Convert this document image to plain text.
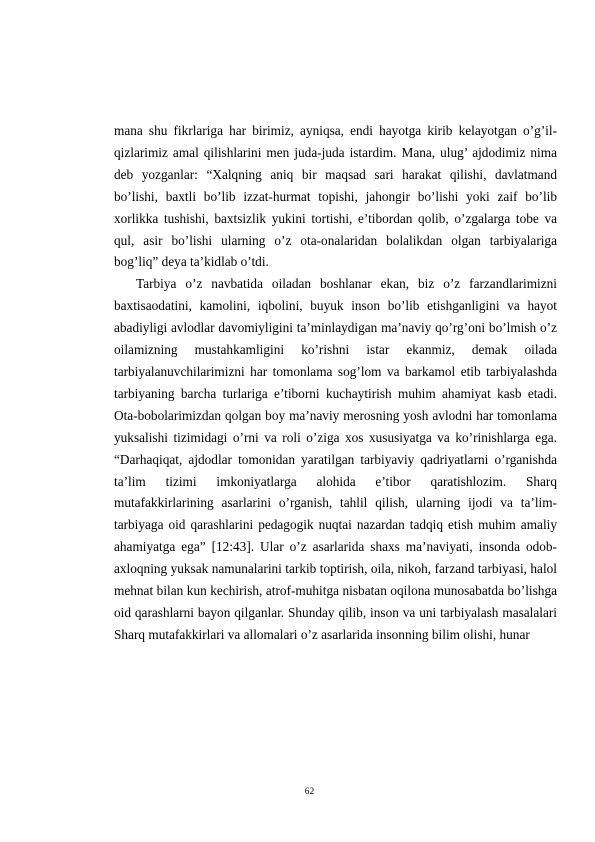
mana shu fikrlariga har birimiz, ayniqsa, endi hayotga kirib kelayotgan o’g’il-qizlarimiz amal qilishlarini men juda-juda istardim. Mana, ulug’ ajdodimiz nima deb yozganlar: “Xalqning aniq bir maqsad sari harakat qilishi, davlatmand bo’lishi, baxtli bo’lib izzat-hurmat topishi, jahongir bo’lishi yoki zaif bo’lib xorlikka tushishi, baxtsizlik yukini tortishi, e’tibordan qolib, o’zgalarga tobe va qul, asir bo’lishi ularning o’z ota-onalaridan bolalikdan olgan tarbiyalariga bog’liq” deya ta’kidlab o’tdi.

Tarbiya o’z navbatida oiladan boshlanar ekan, biz o’z farzandlarimizni baxtisaodatini, kamolini, iqbolini, buyuk inson bo’lib etishganligini va hayot abadiyligi avlodlar davomiyligini ta’minlaydigan ma’naviy qo’rg’oni bo’lmish o’z oilamizning mustahkamligini ko’rishni istar ekanmiz, demak oilada tarbiyalanuvchilarimizni har tomonlama sog’lom va barkamol etib tarbiyalashda tarbiyaning barcha turlariga e’tiborni kuchaytirish muhim ahamiyat kasb etadi. Ota-bobolarimizdan qolgan boy ma’naviy merosning yosh avlodni har tomonlama yuksalishi tizimidagi o’rni va roli o’ziga xos xususiyatga va ko’rinishlarga ega. “Darhaqiqat, ajdodlar tomonidan yaratilgan tarbiyaviy qadriyatlarni o’rganishda ta’lim tizimi imkoniyatlarga alohida e’tibor qaratishlozim. Sharq mutafakkirlarining asarlarini o’rganish, tahlil qilish, ularning ijodi va ta’lim-tarbiyaga oid qarashlarini pedagogik nuqtai nazardan tadqiq etish muhim amaliy ahamiyatga ega” [12:43]. Ular o’z asarlarida shaxs ma’naviyati, insonda odob-axloqning yuksak namunalarini tarkib toptirish, oila, nikoh, farzand tarbiyasi, halol mehnat bilan kun kechirish, atrof-muhitga nisbatan oqilona munosabatda bo’lishga oid qarashlarni bayon qilganlar. Shunday qilib, inson va uni tarbiyalash masalalari Sharq mutafakkirlari va allomalari o’z asarlarida insonning bilim olishi, hunar

62
